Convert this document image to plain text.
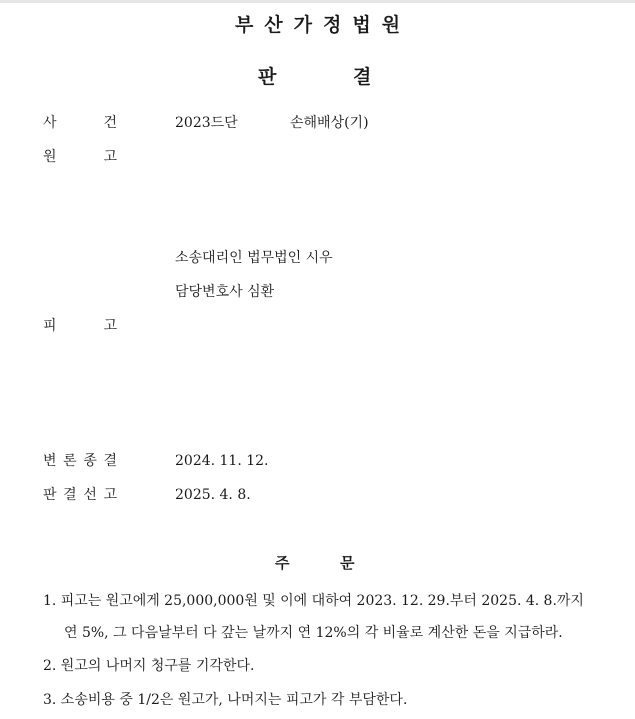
부산가정법원
판	결
사	건	2023드단	손해배상(기)
원	고
소송대리인 법무법인 시우
담당변호사 심환
피	고
변 론 종 결	2024. 11. 12.
판 결 선 고	2025. 4. 8.
주	문
1. 피고는 원고에게 25,000,000원 및 이에 대하여 2023. 12. 29.부터 2025. 4. 8.까지
연 5%, 그 다음날부터 다 갚는 날까지 연 12%의 각 비율로 계산한 돈을 지급하라.
2. 원고의 나머지 청구를 기각한다.
3. 소송비용 중 1/2은 원고가, 나머지는 피고가 각 부담한다.
